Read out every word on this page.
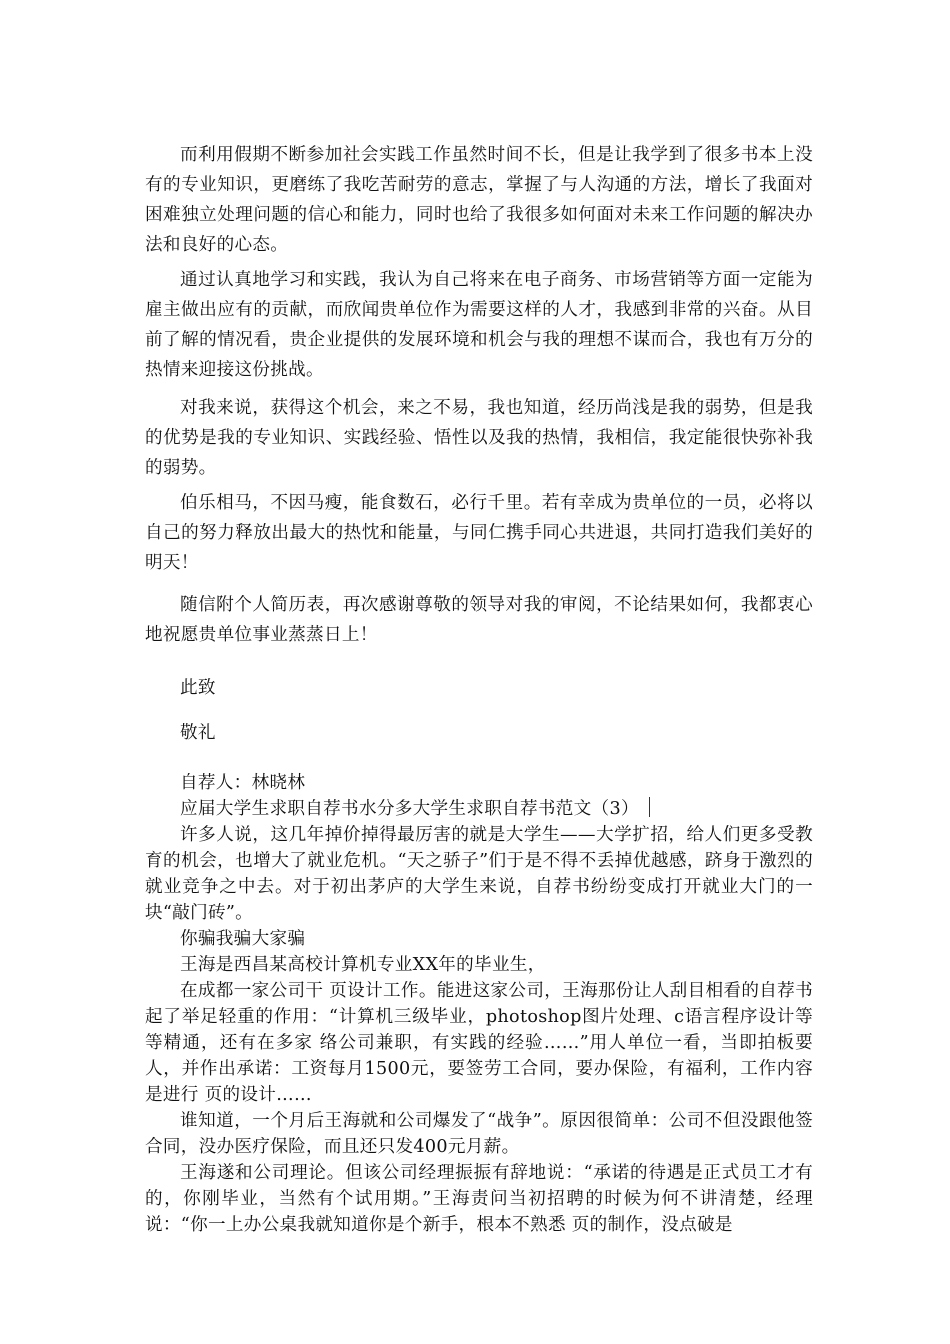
而利用假期不断参加社会实践工作虽然时间不长，但是让我学到了很多书本上没有的专业知识，更磨练了我吃苦耐劳的意志，掌握了与人沟通的方法，增长了我面对困难独立处理问题的信心和能力，同时也给了我很多如何面对未来工作问题的解决办法和良好的心态。

通过认真地学习和实践，我认为自己将来在电子商务、市场营销等方面一定能为雇主做出应有的贡献，而欣闻贵单位作为需要这样的人才，我感到非常的兴奋。从目前了解的情况看，贵企业提供的发展环境和机会与我的理想不谋而合，我也有万分的热情来迎接这份挑战。

对我来说，获得这个机会，来之不易，我也知道，经历尚浅是我的弱势，但是我的优势是我的专业知识、实践经验、悟性以及我的热情，我相信，我定能很快弥补我的弱势。

伯乐相马，不因马瘦，能食数石，必行千里。若有幸成为贵单位的一员，必将以自己的努力释放出最大的热忱和能量，与同仁携手同心共进退，共同打造我们美好的明天！

随信附个人简历表，再次感谢尊敬的领导对我的审阅，不论结果如何，我都衷心地祝愿贵单位事业蒸蒸日上！

此致

敬礼

自荐人：林晓林

应届大学生求职自荐书水分多大学生求职自荐书范文（3）

许多人说，这几年掉价掉得最厉害的就是大学生——大学扩招，给人们更多受教育的机会，也增大了就业危机。“天之骄子”们于是不得不丢掉优越感，跻身于激烈的就业竞争之中去。对于初出茅庐的大学生来说，自荐书纷纷变成打开就业大门的一块“敲门砖”。

你骗我骗大家骗

王海是西昌某高校计算机专业XX年的毕业生，

在成都一家公司干 页设计工作。能进这家公司，王海那份让人刮目相看的自荐书起了举足轻重的作用：“计算机三级毕业，photoshop图片处理、c语言程序设计等等精通，还有在多家 络公司兼职，有实践的经验……”用人单位一看，当即拍板要人，并作出承诺：工资每月1500元，要签劳工合同，要办保险，有福利，工作内容是进行 页的设计……

谁知道，一个月后王海就和公司爆发了“战争”。原因很简单：公司不但没跟他签合同，没办医疗保险，而且还只发400元月薪。

王海遂和公司理论。但该公司经理振振有辞地说：“承诺的待遇是正式员工才有的，你刚毕业，当然有个试用期。”王海责问当初招聘的时候为何不讲清楚，经理说：“你一上办公桌我就知道你是个新手，根本不熟悉 页的制作，没点破是
